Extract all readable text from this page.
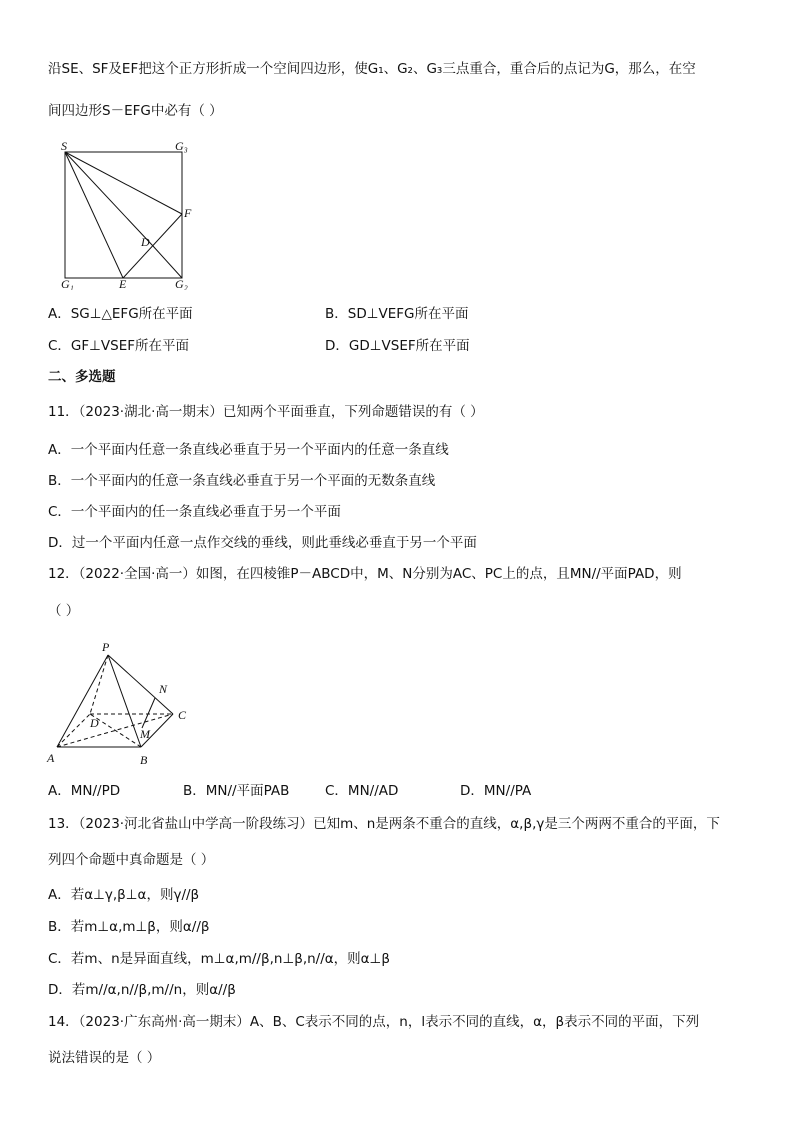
沿SE、SF及EF把这个正方形折成一个空间四边形，使G₁、G₂、G₃三点重合，重合后的点记为G，那么，在空
间四边形S－EFG中必有（ ）
S	G₃
F
D
G₁	E	G₂
A．SG⊥△EFG所在平面	B．SD⊥VEFG所在平面
C．GF⊥VSEF所在平面	D．GD⊥VSEF所在平面
二、多选题
11．（2023·湖北·高一期末）已知两个平面垂直，下列命题错误的有（ ）
A．一个平面内任意一条直线必垂直于另一个平面内的任意一条直线
B．一个平面内的任意一条直线必垂直于另一个平面的无数条直线
C．一个平面内的任一条直线必垂直于另一个平面
D．过一个平面内任意一点作交线的垂线，则此垂线必垂直于另一个平面
12．（2022·全国·高一）如图，在四棱锥P－ABCD中，M、N分别为AC、PC上的点，且MN//平面PAD，则
（ ）
P
N
D
C
M
A	B
A．MN//PD	B．MN//平面PAB	C．MN//AD	D．MN//PA
13．（2023·河北省盐山中学高一阶段练习）已知m、n是两条不重合的直线，α,β,γ是三个两两不重合的平面，下
列四个命题中真命题是（ ）
A．若α⊥γ,β⊥α，则γ//β
B．若m⊥α,m⊥β，则α//β
C．若m、n是异面直线，m⊥α,m//β,n⊥β,n//α，则α⊥β
D．若m//α,n//β,m//n，则α//β
14．（2023·广东高州·高一期末）A、B、C表示不同的点，n，l表示不同的直线，α，β表示不同的平面，下列
说法错误的是（ ）
